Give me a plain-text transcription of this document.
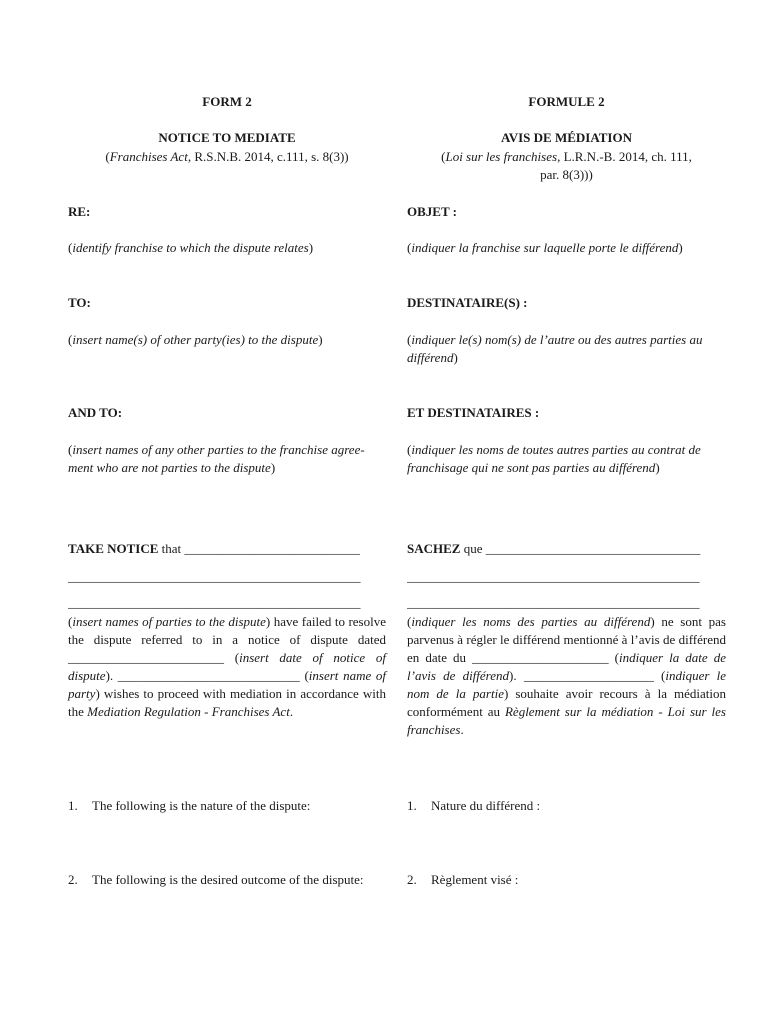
FORM 2
NOTICE TO MEDIATE
(Franchises Act, R.S.N.B. 2014, c.111, s. 8(3))
RE:
(identify franchise to which the dispute relates)
TO:
(insert name(s) of other party(ies) to the dispute)
AND TO:
(insert names of any other parties to the franchise agree-
ment who are not parties to the dispute)
TAKE NOTICE that ___________________________
_____________________________________________
_____________________________________________
(insert names of parties to the dispute) have failed to resolve the dispute referred to in a notice of dispute dated ________________________ (insert date of notice of dispute). ____________________________ (insert name of party) wishes to proceed with mediation in accordance with the Mediation Regulation - Franchises Act.
1. The following is the nature of the dispute:
2. The following is the desired outcome of the dispute:
FORMULE 2
AVIS DE MÉDIATION
(Loi sur les franchises, L.R.N.-B. 2014, ch. 111,
par. 8(3)))
OBJET :
(indiquer la franchise sur laquelle porte le différend)
DESTINATAIRE(S) :
(indiquer le(s) nom(s) de l’autre ou des autres parties au
différend)
ET DESTINATAIRES :
(indiquer les noms de toutes autres parties au contrat de
franchisage qui ne sont pas parties au différend)
SACHEZ que _________________________________
_____________________________________________
_____________________________________________
(indiquer les noms des parties au différend) ne sont pas parvenus à régler le différend mentionné à l’avis de différend en date du _____________________ (indiquer la date de l’avis de différend). ____________________ (indiquer le nom de la partie) souhaite avoir recours à la médiation conformément au Règlement sur la médiation - Loi sur les franchises.
1. Nature du différend :
2. Règlement visé :
